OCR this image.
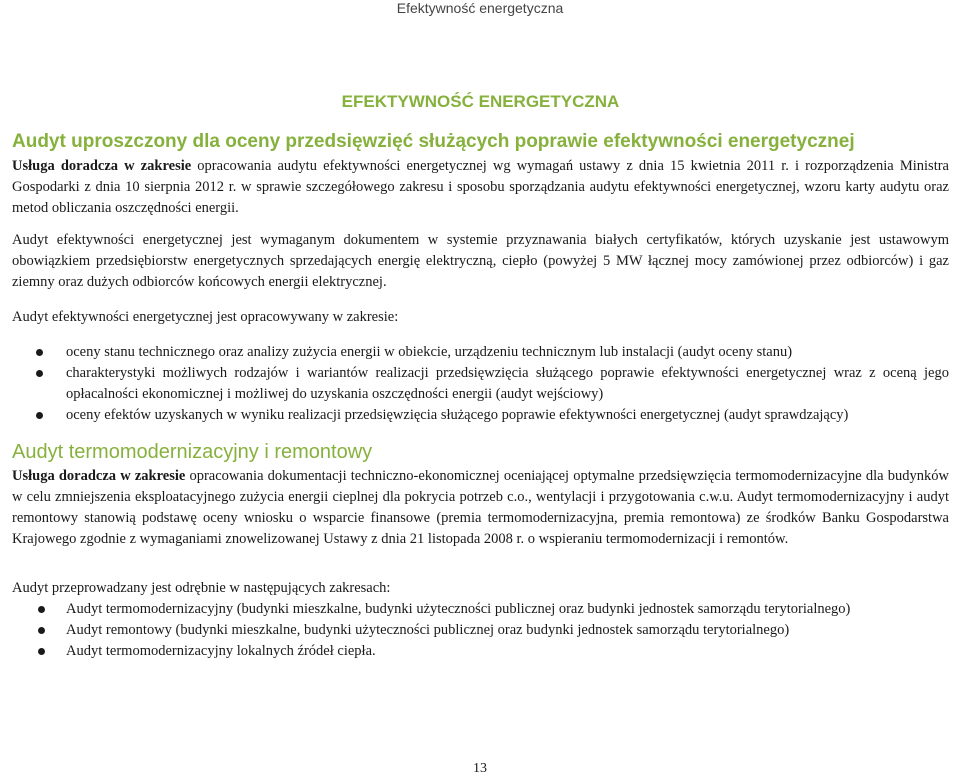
Efektywność energetyczna
EFEKTYWNOŚĆ ENERGETYCZNA
Audyt uproszczony dla oceny przedsięwzięć służących poprawie efektywności energetycznej

Usługa doradcza w zakresie opracowania audytu efektywności energetycznej wg wymagań ustawy z dnia 15 kwietnia 2011 r. i rozporządzenia Ministra Gospodarki z dnia 10 sierpnia 2012 r. w sprawie szczegółowego zakresu i sposobu sporządzania audytu efektywności energetycznej, wzoru karty audytu oraz metod obliczania oszczędności energii.

Audyt efektywności energetycznej jest wymaganym dokumentem w systemie przyznawania białych certyfikatów, których uzyskanie jest ustawowym obowiązkiem przedsiębiorstw energetycznych sprzedających energię elektryczną, ciepło (powyżej 5 MW łącznej mocy zamówionej przez odbiorców) i gaz ziemny oraz dużych odbiorców końcowych energii elektrycznej.

Audyt efektywności energetycznej jest opracowywany w zakresie:

oceny stanu technicznego oraz analizy zużycia energii w obiekcie, urządzeniu technicznym lub instalacji (audyt oceny stanu)
charakterystyki możliwych rodzajów i wariantów realizacji przedsięwzięcia służącego poprawie efektywności energetycznej wraz z oceną jego opłacalności ekonomicznej i możliwej do uzyskania oszczędności energii (audyt wejściowy)
oceny efektów uzyskanych w wyniku realizacji przedsięwzięcia służącego poprawie efektywności energetycznej (audyt sprawdzający)
Audyt termomodernizacyjny i remontowy

Usługa doradcza w zakresie opracowania dokumentacji techniczno-ekonomicznej oceniającej optymalne przedsięwzięcia termomodernizacyjne dla budynków w celu zmniejszenia eksploatacyjnego zużycia energii cieplnej dla pokrycia potrzeb c.o., wentylacji i przygotowania c.w.u. Audyt termomodernizacyjny i audyt remontowy stanowią podstawę oceny wniosku o wsparcie finansowe (premia termomodernizacyjna, premia remontowa) ze środków Banku Gospodarstwa Krajowego zgodnie z wymaganiami znowelizowanej Ustawy z dnia 21 listopada 2008 r. o wspieraniu termomodernizacji i remontów.

Audyt przeprowadzany jest odrębnie w następujących zakresach:

Audyt termomodernizacyjny (budynki mieszkalne, budynki użyteczności publicznej oraz budynki jednostek samorządu terytorialnego)
Audyt remontowy (budynki mieszkalne, budynki użyteczności publicznej oraz budynki jednostek samorządu terytorialnego)
Audyt termomodernizacyjny lokalnych źródeł ciepła.
13
